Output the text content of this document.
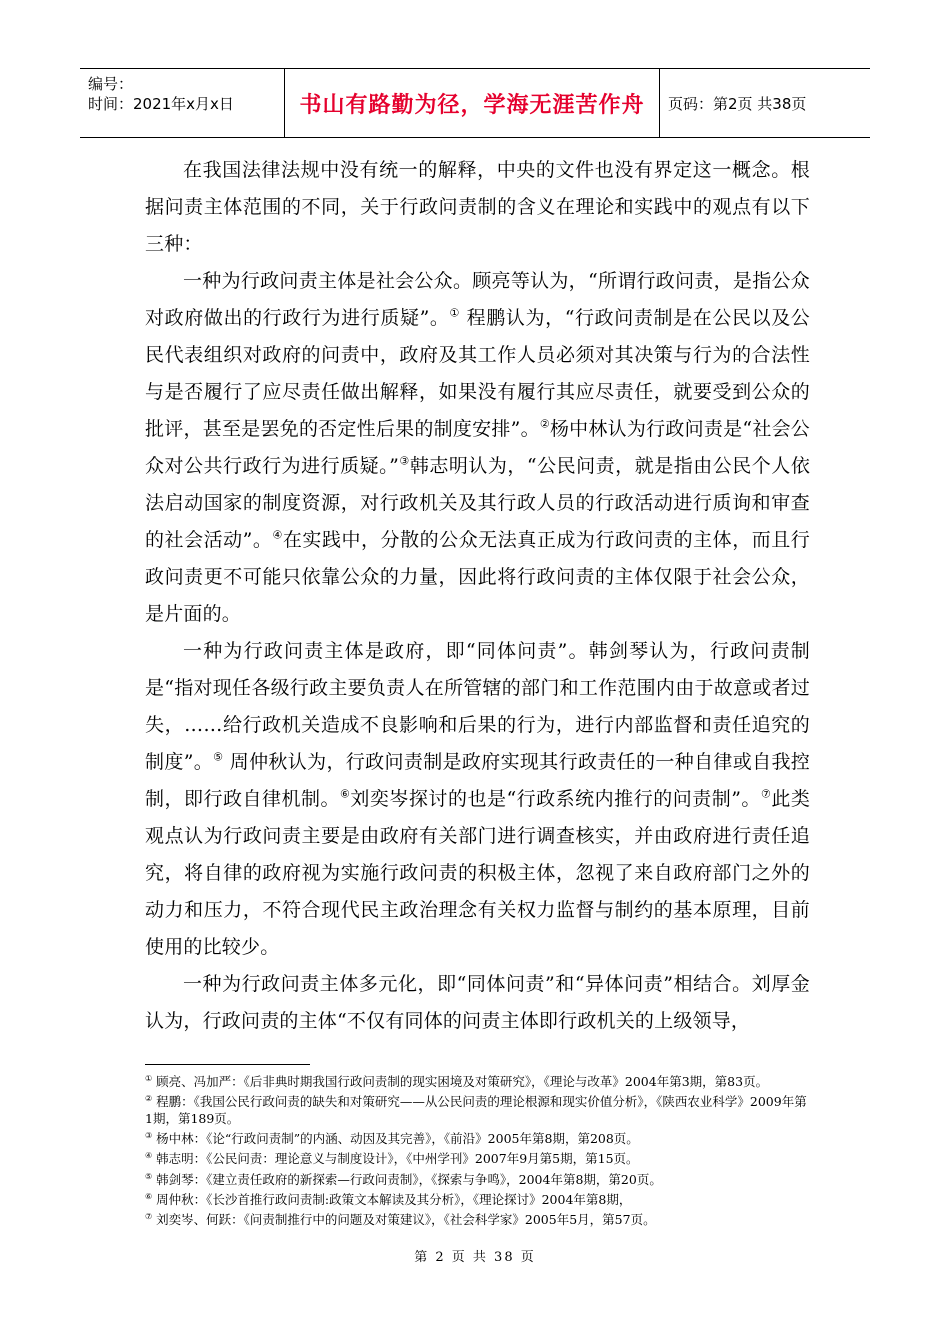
编号：
时间：2021年x月x日	书山有路勤为径，学海无涯苦作舟	页码：第2页 共38页

在我国法律法规中没有统一的解释，中央的文件也没有界定这一概念。根据问责主体范围的不同，关于行政问责制的含义在理论和实践中的观点有以下三种：

一种为行政问责主体是社会公众。顾亮等认为，“所谓行政问责，是指公众对政府做出的行政行为进行质疑”。① 程鹏认为，“行政问责制是在公民以及公民代表组织对政府的问责中，政府及其工作人员必须对其决策与行为的合法性与是否履行了应尽责任做出解释，如果没有履行其应尽责任，就要受到公众的批评，甚至是罢免的否定性后果的制度安排”。②杨中林认为行政问责是“社会公众对公共行政行为进行质疑。”③韩志明认为，“公民问责，就是指由公民个人依法启动国家的制度资源，对行政机关及其行政人员的行政活动进行质询和审查的社会活动”。④在实践中，分散的公众无法真正成为行政问责的主体，而且行政问责更不可能只依靠公众的力量，因此将行政问责的主体仅限于社会公众，是片面的。

一种为行政问责主体是政府，即“同体问责”。韩剑琴认为，行政问责制是“指对现任各级行政主要负责人在所管辖的部门和工作范围内由于故意或者过失，……给行政机关造成不良影响和后果的行为，进行内部监督和责任追究的制度”。⑤ 周仲秋认为，行政问责制是政府实现其行政责任的一种自律或自我控制，即行政自律机制。⑥刘奕岑探讨的也是“行政系统内推行的问责制”。⑦此类观点认为行政问责主要是由政府有关部门进行调查核实，并由政府进行责任追究，将自律的政府视为实施行政问责的积极主体，忽视了来自政府部门之外的动力和压力，不符合现代民主政治理念有关权力监督与制约的基本原理，目前使用的比较少。

一种为行政问责主体多元化，即“同体问责”和“异体问责”相结合。刘厚金认为，行政问责的主体“不仅有同体的问责主体即行政机关的上级领导，

① 顾亮、冯加严：《后非典时期我国行政问责制的现实困境及对策研究》，《理论与改革》2004年第3期，第83页。

② 程鹏：《我国公民行政问责的缺失和对策研究——从公民问责的理论根源和现实价值分析》，《陕西农业科学》2009年第1期，第189页。

③ 杨中林：《论“行政问责制”的内涵、动因及其完善》，《前沿》2005年第8期，第208页。

④ 韩志明：《公民问责：理论意义与制度设计》，《中州学刊》2007年9月第5期，第15页。

⑤ 韩剑琴：《建立责任政府的新探索—行政问责制》，《探索与争鸣》，2004年第8期，第20页。

⑥ 周仲秋：《长沙首推行政问责制:政策文本解读及其分析》，《理论探讨》2004年第8期，

⑦ 刘奕岑、何跃：《问责制推行中的问题及对策建议》，《社会科学家》2005年5月，第57页。

第 2 页 共 38 页
